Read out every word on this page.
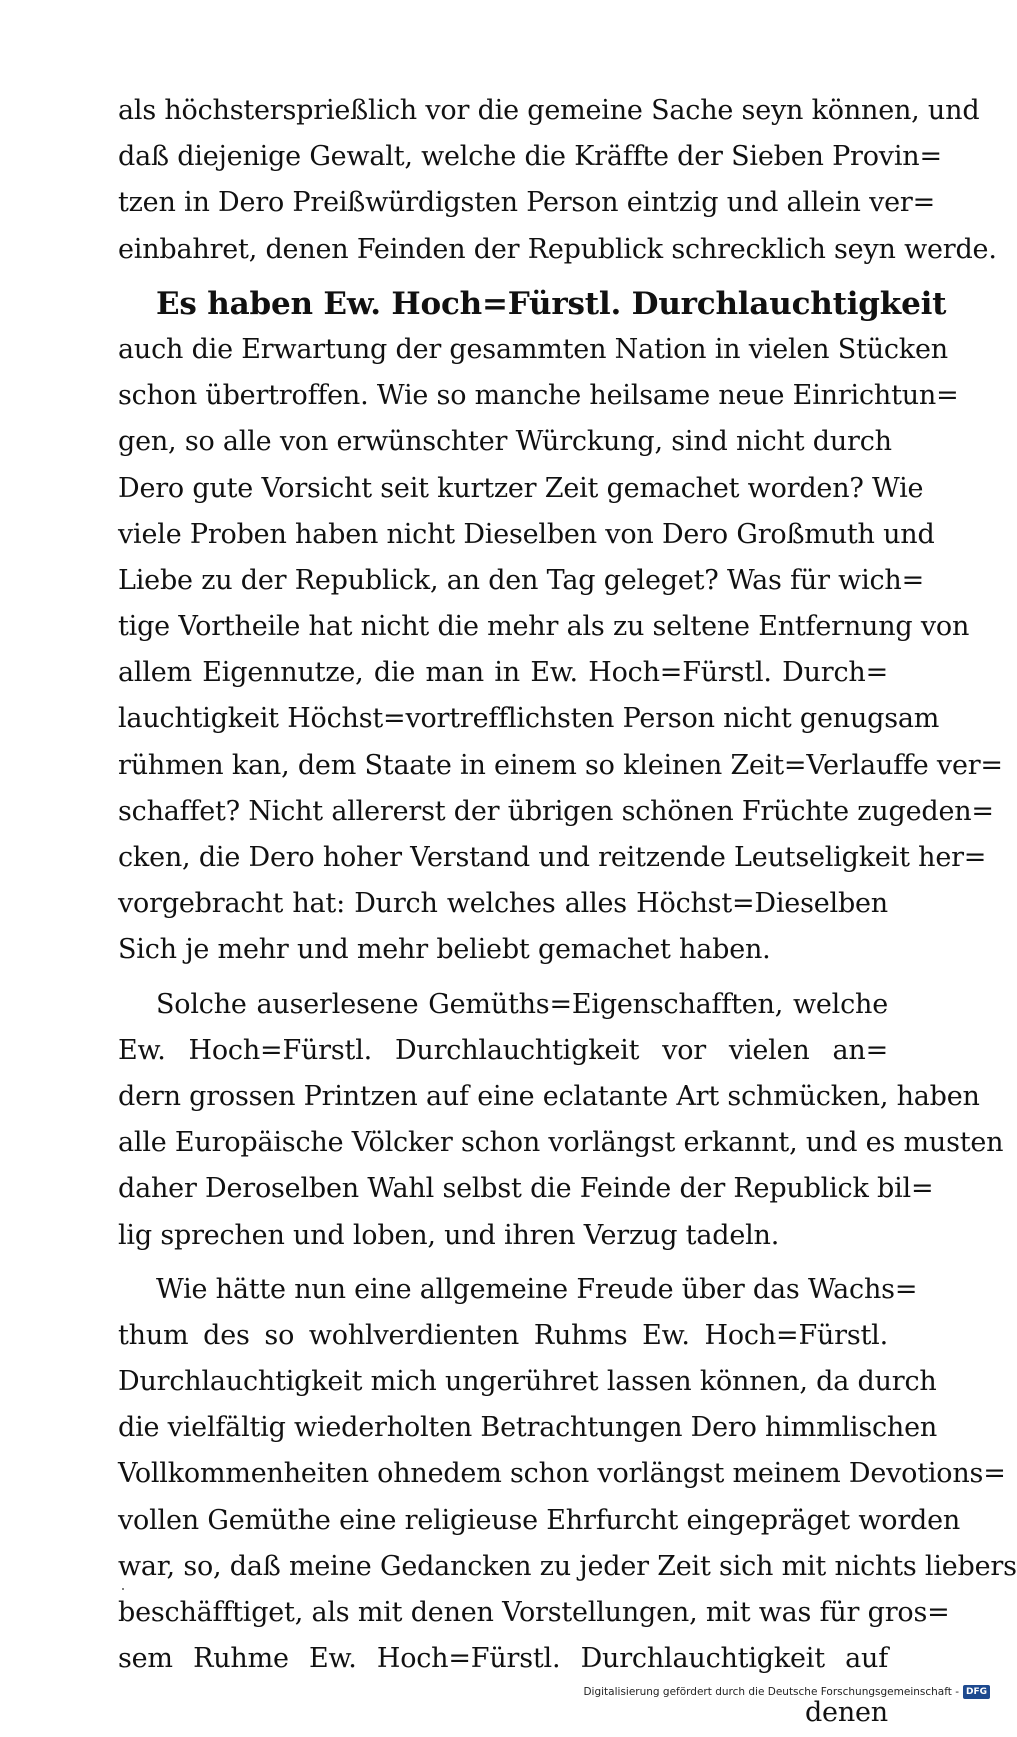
als höchstersprießlich vor die gemeine Sache seyn können, und
daß diejenige Gewalt, welche die Kräffte der Sieben Provin=
tzen in Dero Preißwürdigsten Person eintzig und allein ver=
einbahret, denen Feinden der Republick schrecklich seyn werde.
Es haben Ew. Hoch=Fürstl. Durchlauchtigkeit
auch die Erwartung der gesammten Nation in vielen Stücken
schon übertroffen. Wie so manche heilsame neue Einrichtun=
gen, so alle von erwünschter Würckung, sind nicht durch
Dero gute Vorsicht seit kurtzer Zeit gemachet worden? Wie
viele Proben haben nicht Dieselben von Dero Großmuth und
Liebe zu der Republick, an den Tag geleget? Was für wich=
tige Vortheile hat nicht die mehr als zu seltene Entfernung von
allem Eigennutze, die man in Ew. Hoch=Fürstl. Durch=
lauchtigkeit Höchst=vortrefflichsten Person nicht genugsam
rühmen kan, dem Staate in einem so kleinen Zeit=Verlauffe ver=
schaffet? Nicht allererst der übrigen schönen Früchte zugeden=
cken, die Dero hoher Verstand und reitzende Leutseligkeit her=
vorgebracht hat: Durch welches alles Höchst=Dieselben
Sich je mehr und mehr beliebt gemachet haben.
Solche auserlesene Gemüths=Eigenschafften, welche
Ew. Hoch=Fürstl. Durchlauchtigkeit vor vielen an=
dern grossen Printzen auf eine eclatante Art schmücken, haben
alle Europäische Völcker schon vorlängst erkannt, und es musten
daher Deroselben Wahl selbst die Feinde der Republick bil=
lig sprechen und loben, und ihren Verzug tadeln.
Wie hätte nun eine allgemeine Freude über das Wachs=
thum des so wohlverdienten Ruhms Ew. Hoch=Fürstl.
Durchlauchtigkeit mich ungerühret lassen können, da durch
die vielfältig wiederholten Betrachtungen Dero himmlischen
Vollkommenheiten ohnedem schon vorlängst meinem Devotions=
vollen Gemüthe eine religieuse Ehrfurcht eingepräget worden
war, so, daß meine Gedancken zu jeder Zeit sich mit nichts liebers
beschäfftiget, als mit denen Vorstellungen, mit was für gros=
sem Ruhme Ew. Hoch=Fürstl. Durchlauchtigkeit auf
denen
Digitalisierung gefördert durch die Deutsche Forschungsgemeinschaft - DFG
